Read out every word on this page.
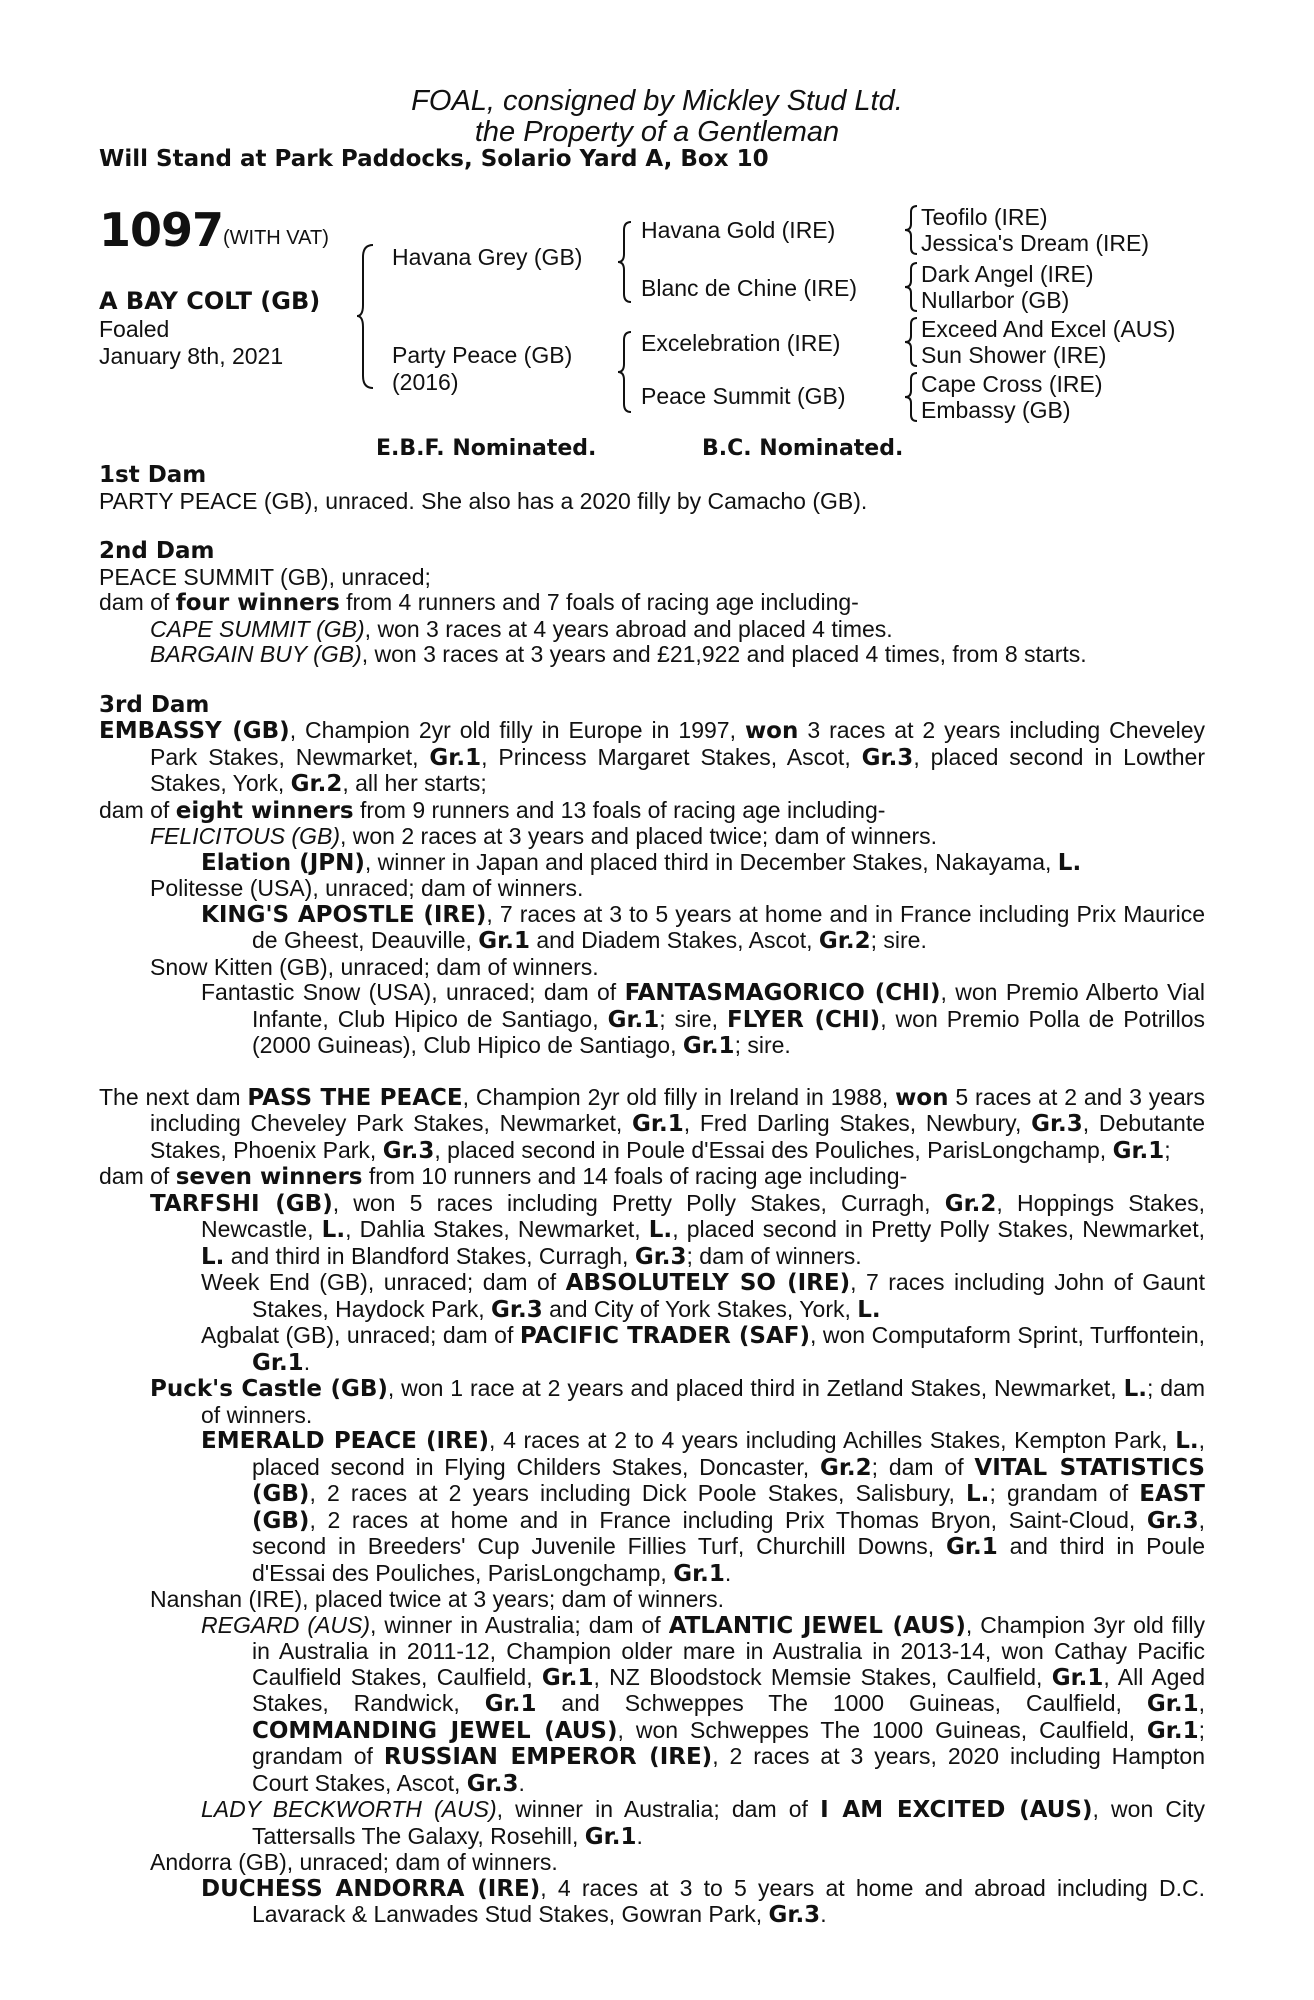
FOAL, consigned by Mickley Stud Ltd.
the Property of a Gentleman
Will Stand at Park Paddocks, Solario Yard A, Box 10
1097 (WITH VAT)
A BAY COLT (GB)
Foaled
January 8th, 2021
Havana Grey (GB)
Party Peace (GB)
(2016)
Havana Gold (IRE)
Blanc de Chine (IRE)
Excelebration (IRE)
Peace Summit (GB)
Teofilo (IRE)
Jessica's Dream (IRE)
Dark Angel (IRE)
Nullarbor (GB)
Exceed And Excel (AUS)
Sun Shower (IRE)
Cape Cross (IRE)
Embassy (GB)
E.B.F. Nominated.	B.C. Nominated.

1st Dam

PARTY PEACE (GB), unraced. She also has a 2020 filly by Camacho (GB).

2nd Dam

PEACE SUMMIT (GB), unraced;

dam of four winners from 4 runners and 7 foals of racing age including-

CAPE SUMMIT (GB), won 3 races at 4 years abroad and placed 4 times.

BARGAIN BUY (GB), won 3 races at 3 years and £21,922 and placed 4 times, from 8 starts.

3rd Dam

EMBASSY (GB), Champion 2yr old filly in Europe in 1997, won 3 races at 2 years including Cheveley Park Stakes, Newmarket, Gr.1, Princess Margaret Stakes, Ascot, Gr.3, placed second in Lowther Stakes, York, Gr.2, all her starts;

dam of eight winners from 9 runners and 13 foals of racing age including-

FELICITOUS (GB), won 2 races at 3 years and placed twice; dam of winners.

Elation (JPN), winner in Japan and placed third in December Stakes, Nakayama, L.

Politesse (USA), unraced; dam of winners.

KING'S APOSTLE (IRE), 7 races at 3 to 5 years at home and in France including Prix Maurice de Gheest, Deauville, Gr.1 and Diadem Stakes, Ascot, Gr.2; sire.

Snow Kitten (GB), unraced; dam of winners.

Fantastic Snow (USA), unraced; dam of FANTASMAGORICO (CHI), won Premio Alberto Vial Infante, Club Hipico de Santiago, Gr.1; sire, FLYER (CHI), won Premio Polla de Potrillos (2000 Guineas), Club Hipico de Santiago, Gr.1; sire.

The next dam PASS THE PEACE, Champion 2yr old filly in Ireland in 1988, won 5 races at 2 and 3 years including Cheveley Park Stakes, Newmarket, Gr.1, Fred Darling Stakes, Newbury, Gr.3, Debutante Stakes, Phoenix Park, Gr.3, placed second in Poule d'Essai des Pouliches, ParisLongchamp, Gr.1;

dam of seven winners from 10 runners and 14 foals of racing age including-

TARFSHI (GB), won 5 races including Pretty Polly Stakes, Curragh, Gr.2, Hoppings Stakes, Newcastle, L., Dahlia Stakes, Newmarket, L., placed second in Pretty Polly Stakes, Newmarket, L. and third in Blandford Stakes, Curragh, Gr.3; dam of winners.

Week End (GB), unraced; dam of ABSOLUTELY SO (IRE), 7 races including John of Gaunt Stakes, Haydock Park, Gr.3 and City of York Stakes, York, L.

Agbalat (GB), unraced; dam of PACIFIC TRADER (SAF), won Computaform Sprint, Turffontein, Gr.1.

Puck's Castle (GB), won 1 race at 2 years and placed third in Zetland Stakes, Newmarket, L.; dam of winners.

EMERALD PEACE (IRE), 4 races at 2 to 4 years including Achilles Stakes, Kempton Park, L., placed second in Flying Childers Stakes, Doncaster, Gr.2; dam of VITAL STATISTICS (GB), 2 races at 2 years including Dick Poole Stakes, Salisbury, L.; grandam of EAST (GB), 2 races at home and in France including Prix Thomas Bryon, Saint-Cloud, Gr.3, second in Breeders' Cup Juvenile Fillies Turf, Churchill Downs, Gr.1 and third in Poule d'Essai des Pouliches, ParisLongchamp, Gr.1.

Nanshan (IRE), placed twice at 3 years; dam of winners.

REGARD (AUS), winner in Australia; dam of ATLANTIC JEWEL (AUS), Champion 3yr old filly in Australia in 2011-12, Champion older mare in Australia in 2013-14, won Cathay Pacific Caulfield Stakes, Caulfield, Gr.1, NZ Bloodstock Memsie Stakes, Caulfield, Gr.1, All Aged Stakes, Randwick, Gr.1 and Schweppes The 1000 Guineas, Caulfield, Gr.1, COMMANDING JEWEL (AUS), won Schweppes The 1000 Guineas, Caulfield, Gr.1; grandam of RUSSIAN EMPEROR (IRE), 2 races at 3 years, 2020 including Hampton Court Stakes, Ascot, Gr.3.

LADY BECKWORTH (AUS), winner in Australia; dam of I AM EXCITED (AUS), won City Tattersalls The Galaxy, Rosehill, Gr.1.

Andorra (GB), unraced; dam of winners.

DUCHESS ANDORRA (IRE), 4 races at 3 to 5 years at home and abroad including D.C. Lavarack & Lanwades Stud Stakes, Gowran Park, Gr.3.
